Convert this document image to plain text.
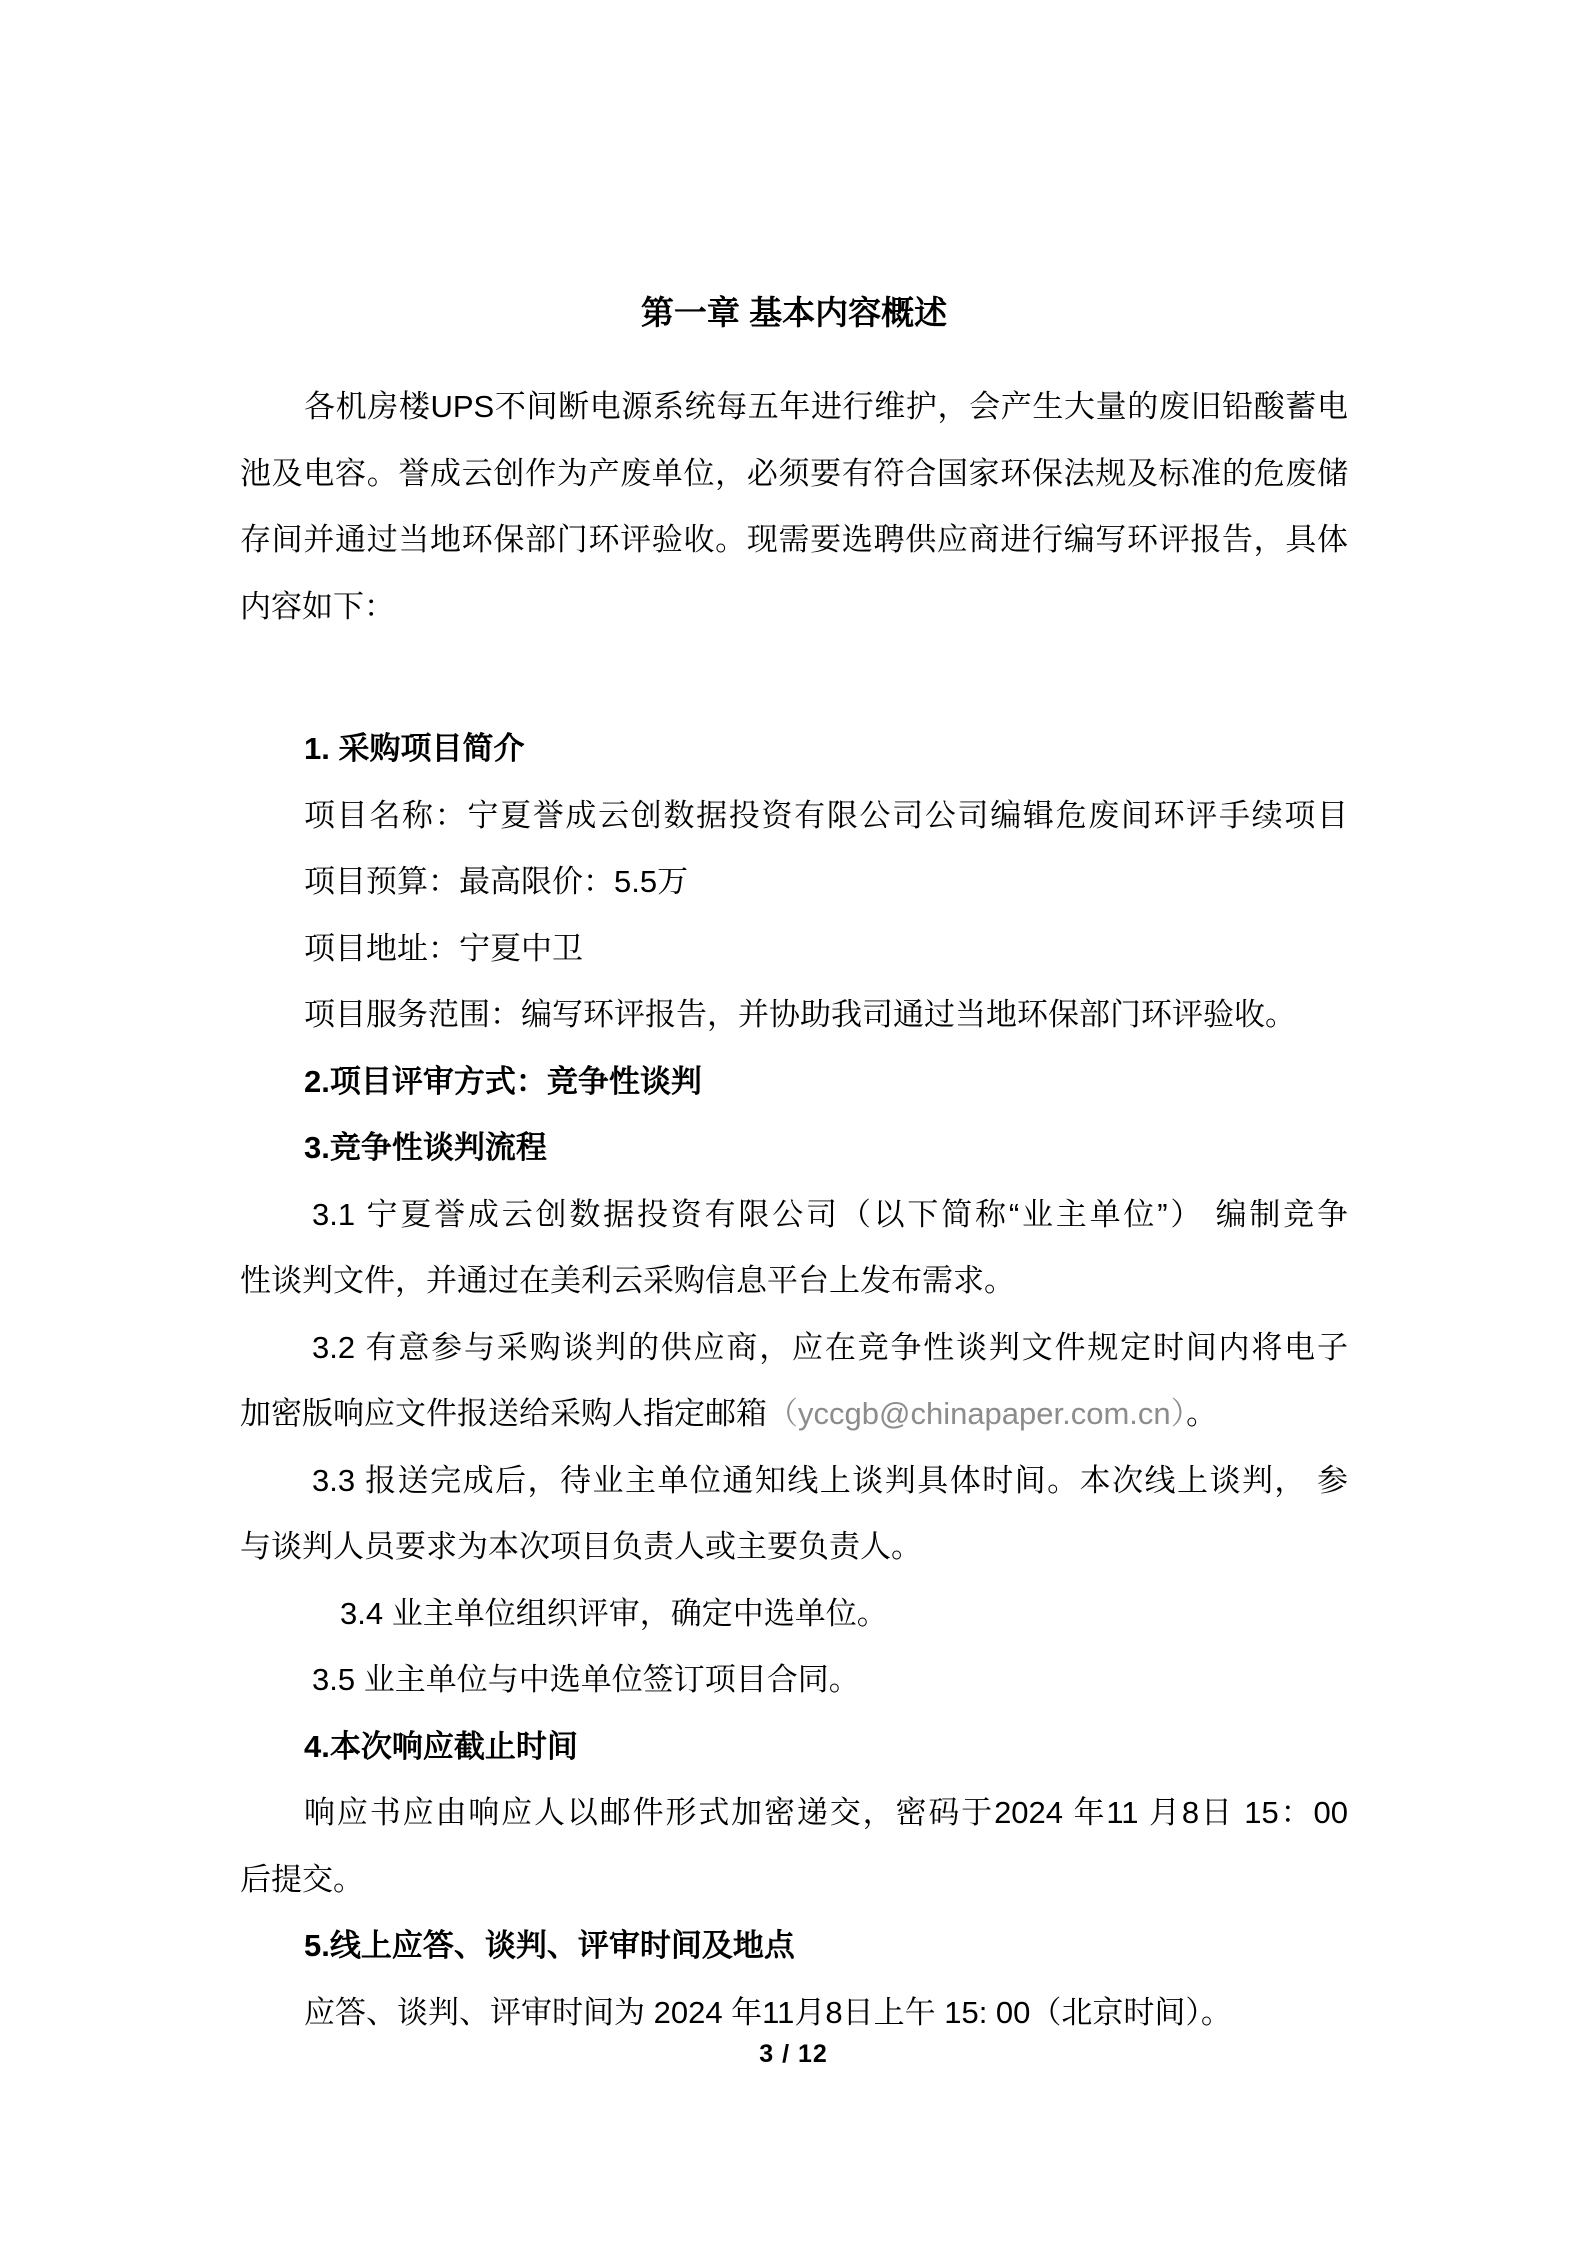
第一章 基本内容概述
各机房楼UPS不间断电源系统每五年进行维护，会产生大量的废旧铅酸蓄电
池及电容。誉成云创作为产废单位，必须要有符合国家环保法规及标准的危废储
存间并通过当地环保部门环评验收。现需要选聘供应商进行编写环评报告，具体
内容如下：
1. 采购项目简介
项目名称：宁夏誉成云创数据投资有限公司公司编辑危废间环评手续项目
项目预算：最高限价：5.5万
项目地址：宁夏中卫
项目服务范围：编写环评报告，并协助我司通过当地环保部门环评验收。
2.项目评审方式：竞争性谈判
3.竞争性谈判流程
3.1 宁夏誉成云创数据投资有限公司（以下简称“业主单位”） 编制竞争
性谈判文件，并通过在美利云采购信息平台上发布需求。
3.2 有意参与采购谈判的供应商，应在竞争性谈判文件规定时间内将电子
加密版响应文件报送给采购人指定邮箱（yccgb@chinapaper.com.cn）。
3.3 报送完成后，待业主单位通知线上谈判具体时间。本次线上谈判， 参
与谈判人员要求为本次项目负责人或主要负责人。
3.4 业主单位组织评审，确定中选单位。
3.5 业主单位与中选单位签订项目合同。
4.本次响应截止时间
响应书应由响应人以邮件形式加密递交，密码于2024 年11 月8日 15：00
后提交。
5.线上应答、谈判、评审时间及地点
应答、谈判、评审时间为 2024 年11月8日上午 15: 00（北京时间）。
3 / 12
